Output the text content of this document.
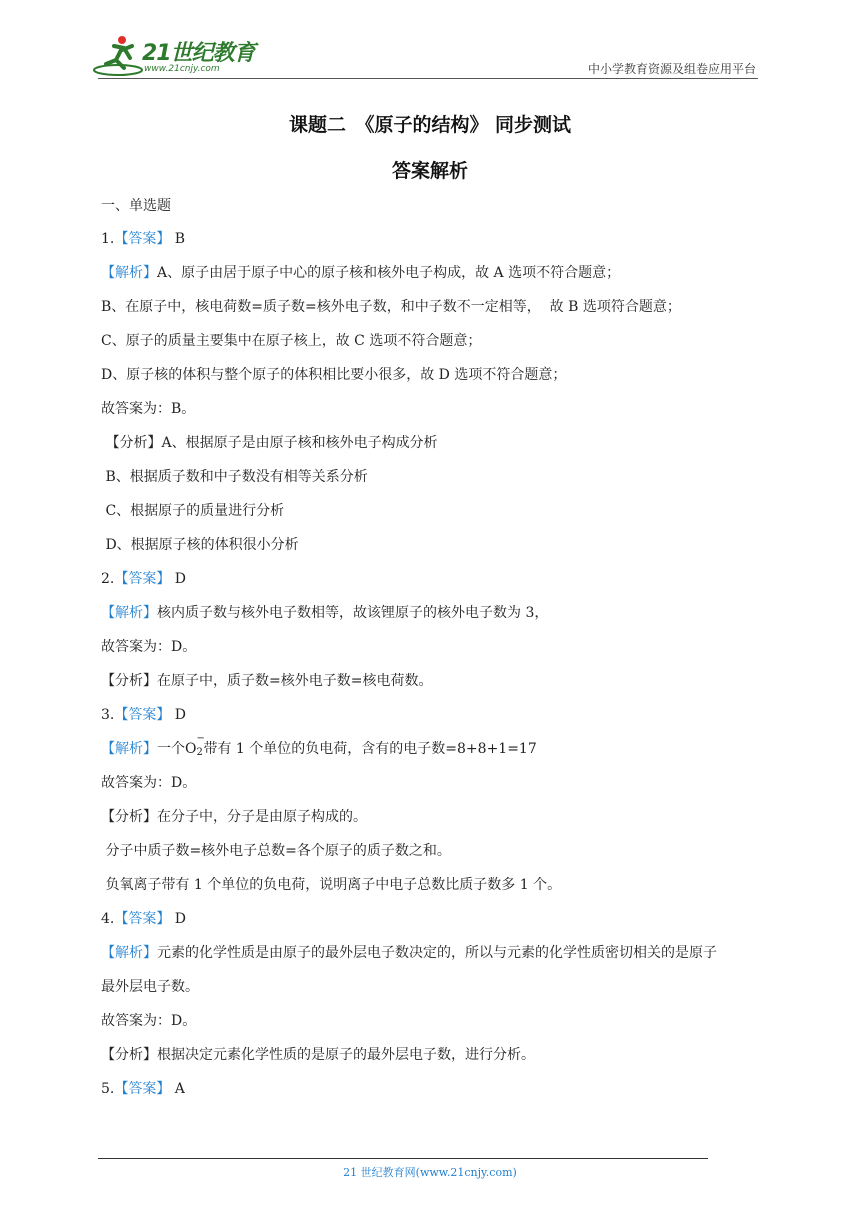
21世纪教育
www.21cnjy.com	中小学教育资源及组卷应用平台
课题二　《原子的结构》 同步测试
答案解析
一、单选题
1.【答案】 B
【解析】A、原子由居于原子中心的原子核和核外电子构成，故 A 选项不符合题意；
B、在原子中，核电荷数=质子数=核外电子数，和中子数不一定相等，  故 B 选项符合题意；
C、原子的质量主要集中在原子核上，故 C 选项不符合题意；
D、原子核的体积与整个原子的体积相比要小很多，故 D 选项不符合题意；
故答案为：B。
【分析】A、根据原子是由原子核和核外电子构成分析
B、根据质子数和中子数没有相等关系分析
C、根据原子的质量进行分析
D、根据原子核的体积很小分析
2.【答案】 D
【解析】核内质子数与核外电子数相等，故该锂原子的核外电子数为 3，
故答案为：D。
【分析】在原子中，质子数=核外电子数=核电荷数。
3.【答案】 D
【解析】一个O
−
2 带有 1 个单位的负电荷，含有的电子数=8+8+1=17
故答案为：D。
【分析】在分子中，分子是由原子构成的。
分子中质子数=核外电子总数=各个原子的质子数之和。
负氧离子带有 1 个单位的负电荷，说明离子中电子总数比质子数多 1 个。
4.【答案】 D
【解析】元素的化学性质是由原子的最外层电子数决定的，所以与元素的化学性质密切相关的是原子
最外层电子数。
故答案为：D。
【分析】根据决定元素化学性质的是原子的最外层电子数，进行分析。
5.【答案】 A
21 世纪教育网(www.21cnjy.com)
